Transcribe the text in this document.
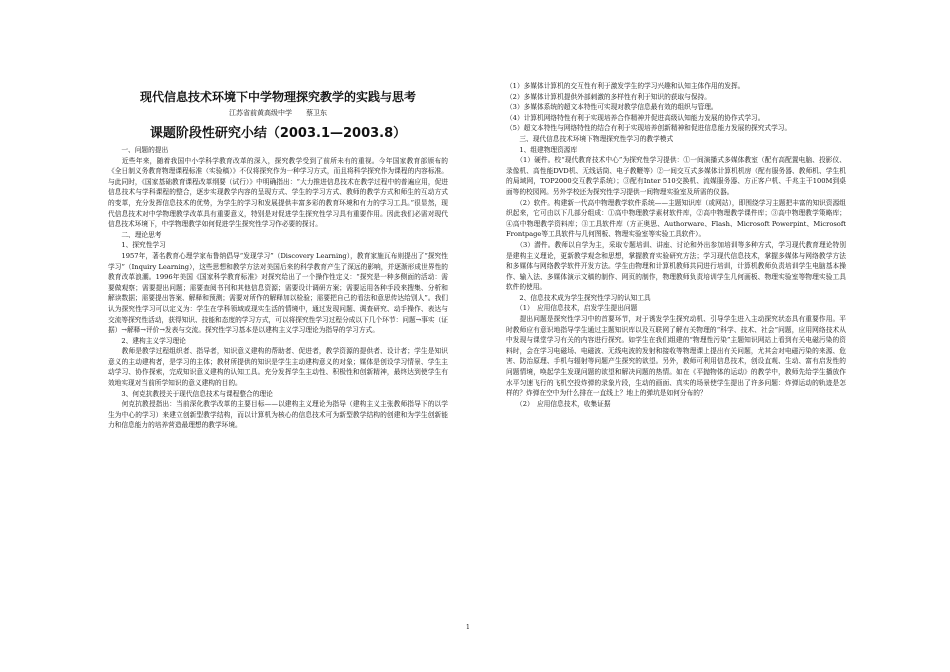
现代信息技术环境下中学物理探究教学的实践与思考
江苏省前黄高级中学　　蔡卫东
课题阶段性研究小结（2003.1—2003.8）
　　一、问题的提出
　　近些年来，随着我国中小学科学教育改革的深入，探究教学受到了前所未有的重视。今年国家教育部颁布的《全日制义务教育物理课程标准（实验稿）》不仅将探究作为一种学习方式，而且将科学探究作为课程的内容标准。与此同时，《国家基础教育课程改革纲要（试行）》中明确指出：“大力推进信息技术在教学过程中的普遍应用，促进信息技术与学科课程的整合，逐步实现教学内容的呈现方式、学生的学习方式、教师的教学方式和师生的互动方式的变革，充分发挥信息技术的优势，为学生的学习和发展提供丰富多彩的教育环境和有力的学习工具。”很显然，现代信息技术对中学物理教学改革具有重要意义，特别是对促进学生探究性学习具有重要作用。因此我们必需对现代信息技术环境下，中学物理教学如何促进学生探究性学习作必要的探讨。
　　二、理论思考
　　1、探究性学习
　　1957年，著名教育心理学家布鲁纳倡导“发现学习”（Discovery Learning），教育家施瓦布则提出了“探究性学习”（Inquiry Learning），这些思想和教学方法对美国后来的科学教育产生了深远的影响，并逐渐形成世界性的教育改革浪潮。1996年美国《国家科学教育标准》对探究给出了一个操作性定义：“探究是一种多侧面的活动：需要做观察；需要提出问题；需要查阅书刊和其他信息资源；需要设计调研方案；需要运用各种手段来搜集、分析和解读数据；需要提出答案、解释和预测；需要对所作的解释加以检验；需要把自己的看法和意思传达给别人”。我们认为探究性学习可以定义为：学生在学科领域或现实生活的情境中，通过发现问题、调查研究、动手操作、表达与交流等探究性活动，获得知识、技能和态度的学习方式，可以将探究性学习过程分成以下几个环节：问题→事实（证据）→解释→评价→发表与交流。探究性学习基本是以建构主义学习理论为指导的学习方式。
　　2、建构主义学习理论
　　教师是教学过程组织者、指导者，知识意义建构的帮助者、促进者，教学资源的提供者、设计者；学生是知识意义的主动建构者，是学习的主体；教材所提供的知识是学生主动建构意义的对象；媒体是创设学习情景、学生主动学习、协作探索，完成知识意义建构的认知工具。充分发挥学生主动性、积极性和创新精神，最终达到使学生有效地实现对当前所学知识的意义建构的目的。
　　3、何克抗教授关于现代信息技术与课程整合的理论
　　何克抗教授指出：当前深化教学改革的主要目标——以建构主义理论为指导（建构主义主张教师指导下的以学生为中心的学习）来建立创新型教学结构，而以计算机为核心的信息技术可为新型教学结构的创建和为学生创新能力和信息能力的培养营造最理想的教学环境。
（1）多媒体计算机的交互性有利于激发学生的学习兴趣和认知主体作用的发挥。
（2）多媒体计算机提供外部刺激的多样性有利于知识的获取与保持。
（3）多媒体系统的超文本特性可实现对教学信息最有效的组织与管理。
（4）计算机网络特性有利于实现培养合作精神并促进高级认知能力发展的协作式学习。
（5）超文本特性与网络特性的结合有利于实现培养创新精神和促进信息能力发展的探究式学习。
　　三、现代信息技术环境下物理探究性学习的教学模式
　　1、组建物理资源库
　　（1）硬件。校“现代教育技术中心”为探究性学习提供：①一间演播式多媒体教室（配有高配置电脑、投影仪、录像机、高性能DVD机、无线话筒、电子教鞭等）②一间交互式多媒体计算机机房（配有服务器、教师机、学生机的局域网，TOP2000交互教学系统）；③配有Inter 510交换机、流媒服务器、方正客户机、千兆主干100M到桌面等的校园网。另外学校还为探究性学习提供一间物理实验室及所需的仪器。
　　（2）软件。构建新一代高中物理教学软件系统——主题知识库（或网站），即围绕学习主题把丰富的知识资源组织起来，它可由以下几部分组成：①高中物理教学素材软件库，②高中物理教学课件库；③高中物理教学策略库；④高中物理教学资料库；③工具软件库（方正奥思、Authorware、Flash、Microsoft Powerpint、Microsoft Frontpage等工具软件与几何图板、物理实验室等实验工具软件）。
　　（3）潜件。教师以自学为主，采取专题培训、讲座、讨论和外出参加培训等多种方式，学习现代教育理论特别是建构主义理论，更新教学观念和思想，掌握教育实验研究方法；学习现代信息技术，掌握多媒体与网络教学方法和多媒体与网络教学软件开发方法。学生由物理和计算机教师共同进行培训，计算机教师负责培训学生电脑基本操作、输入法、多媒体演示文稿的制作、网页的制作，物理教师负责培训学生几何画板、物理实验室等物理实验工具软件的使用。
　　2、信息技术成为学生探究性学习的认知工具
　　（1）　应用信息技术，启发学生提出问题
　　提出问题是探究性学习中的首要环节，对于诱发学生探究动机、引导学生进入主动探究状态具有重要作用。平时教师应有意识地指导学生通过主题知识库以及互联网了解有关物理的“科学、技术、社会”问题，应用网络技术从中发现与课堂学习有关的内容进行探究。如学生在我们组建的“物理性污染”主题知识网站上看到有关电磁污染的资料时，会在学习电磁场、电磁波、无线电波的发射和接收等物理课上提出有关问题，尤其会对电磁污染的来源、危害、防治原理、手机与辐射等问题产生探究的欲望。另外，教师可利用信息技术，创设直观、生动、富有启发性的问题情境，唤起学生发现问题的欲望和解决问题的热情。如在《平抛物体的运动》的教学中，教师先给学生播放作水平匀速飞行的飞机空投炸弹的录象片段，生动的画面、真实的场景使学生提出了许多问题：炸弹运动的轨迹是怎样的？炸弹在空中为什么排在一直线上？地上的弹坑是如何分布的？
　　（2）　应用信息技术，收集证据
1
